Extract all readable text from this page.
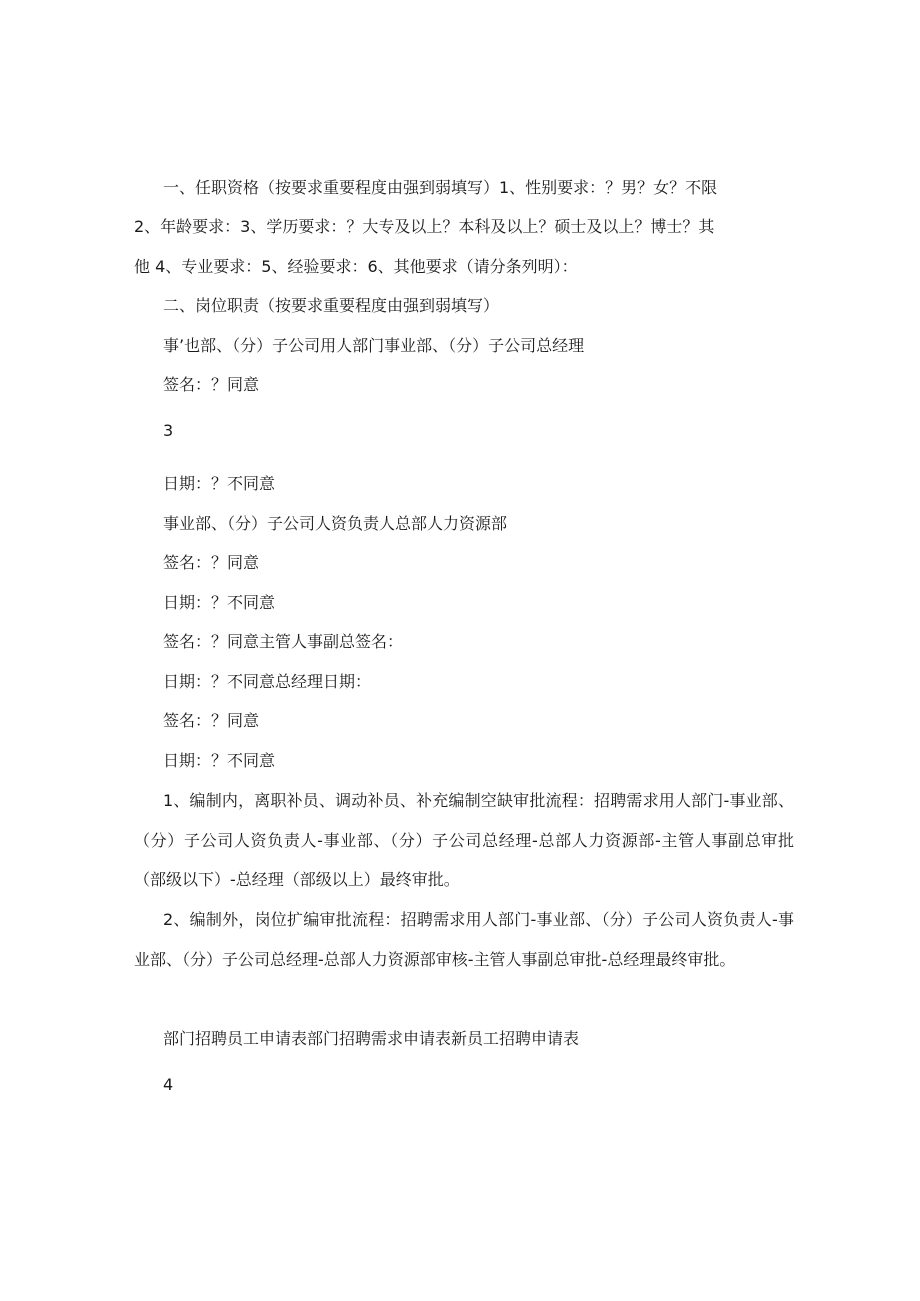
一、任职资格（按要求重要程度由强到弱填写）1、性别要求：？男？女？不限

2、年龄要求：3、学历要求：？大专及以上？本科及以上？硕士及以上？博士？其

他 4、专业要求：5、经验要求：6、其他要求（请分条列明）：

二、岗位职责（按要求重要程度由强到弱填写）

事’也部、（分）子公司用人部门事业部、（分）子公司总经理

签名：？同意

3

日期：？不同意

事业部、（分）子公司人资负责人总部人力资源部

签名：？同意

日期：？不同意

签名：？同意主管人事副总签名：

日期：？不同意总经理日期：

签名：？同意

日期：？不同意

1、编制内，离职补员、调动补员、补充编制空缺审批流程：招聘需求用人部门-事业部、（分）子公司人资负责人-事业部、（分）子公司总经理-总部人力资源部-主管人事副总审批（部级以下）-总经理（部级以上）最终审批。

2、编制外，岗位扩编审批流程：招聘需求用人部门-事业部、（分）子公司人资负责人-事业部、（分）子公司总经理-总部人力资源部审核-主管人事副总审批-总经理最终审批。

部门招聘员工申请表部门招聘需求申请表新员工招聘申请表

4
